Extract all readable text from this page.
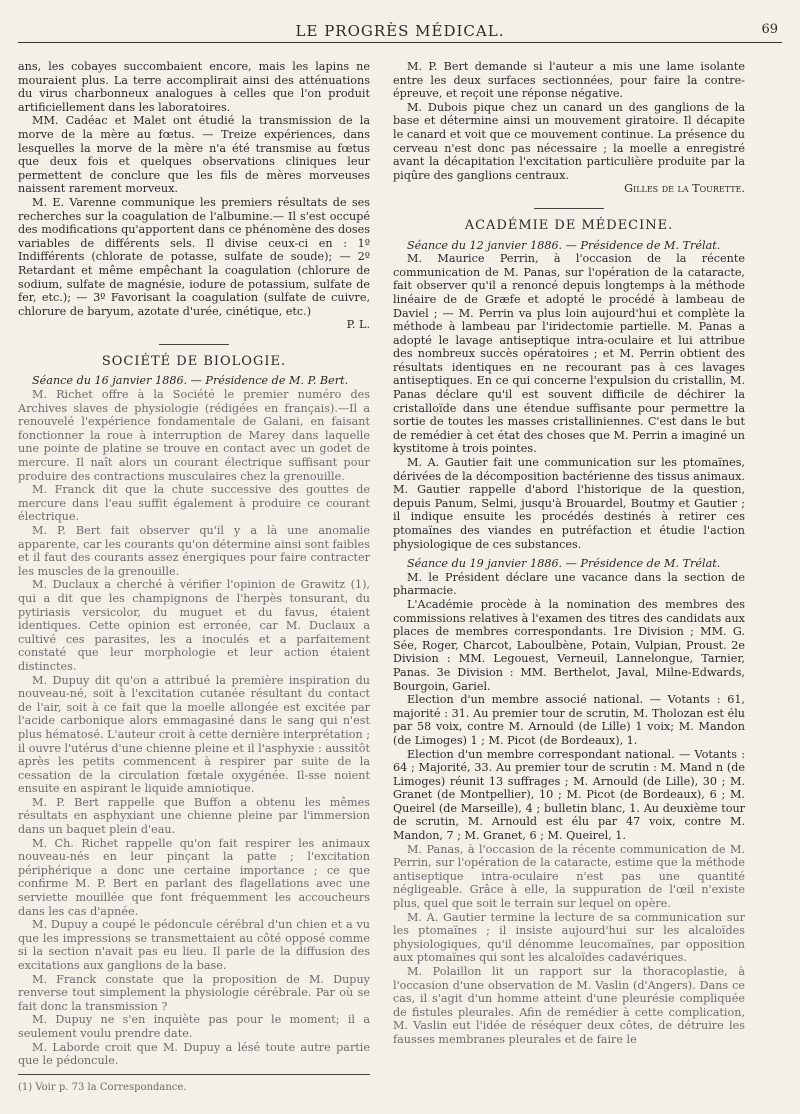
LE PROGRÈS MÉDICAL.	69

ans, les cobayes succombaient encore, mais les lapins ne mouraient plus. La terre accomplirait ainsi des atténuations du virus charbonneux analogues à celles que l'on produit artificiellement dans les laboratoires.

MM. Cadéac et Malet ont étudié la transmission de la morve de la mère au fœtus. — Treize expériences, dans lesquelles la morve de la mère n'a été transmise au fœtus que deux fois et quelques observations cliniques leur permettent de conclure que les fils de mères morveuses naissent rarement morveux.

M. E. Varenne communique les premiers résultats de ses recherches sur la coagulation de l'albumine.— Il s'est occupé des modifications qu'apportent dans ce phénomène des doses variables de différents sels. Il divise ceux-ci en : 1º Indifférents (chlorate de potasse, sulfate de soude); — 2º Retardant et même empêchant la coagulation (chlorure de sodium, sulfate de magnésie, iodure de potassium, sulfate de fer, etc.); — 3º Favorisant la coagulation (sulfate de cuivre, chlorure de baryum, azotate d'urée, cinétique, etc.)

P. L.
SOCIÉTÉ DE BIOLOGIE.
Séance du 16 janvier 1886. — Présidence de M. P. Bert.

M. Richet offre à la Société le premier numéro des Archives slaves de physiologie (rédigées en français).—Il a renouvelé l'expérience fondamentale de Galani, en faisant fonctionner la roue à interruption de Marey dans laquelle une pointe de platine se trouve en contact avec un godet de mercure. Il naît alors un courant électrique suffisant pour produire des contractions musculaires chez la grenouille.

M. Franck dit que la chute successive des gouttes de mercure dans l'eau suffit également à produire ce courant électrique.

M. P. Bert fait observer qu'il y a là une anomalie apparente, car les courants qu'on détermine ainsi sont faibles et il faut des courants assez énergiques pour faire contracter les muscles de la grenouille.

M. Duclaux a cherché à vérifier l'opinion de Grawitz (1), qui a dit que les champignons de l'herpès tonsurant, du pytiriasis versicolor, du muguet et du favus, étaient identiques. Cette opinion est erronée, car M. Duclaux a cultivé ces parasites, les a inoculés et a parfaitement constaté que leur morphologie et leur action étaient distinctes.

M. Dupuy dit qu'on a attribué la première inspiration du nouveau-né, soit à l'excitation cutanée résultant du contact de l'air, soit à ce fait que la moelle allongée est excitée par l'acide carbonique alors emmagasiné dans le sang qui n'est plus hématosé. L'auteur croit à cette dernière interprétation ; il ouvre l'utérus d'une chienne pleine et il l'asphyxie : aussitôt après les petits commencent à respirer par suite de la cessation de la circulation fœtale oxygénée. Il-sse noient ensuite en aspirant le liquide amniotique.

M. P. Bert rappelle que Buffon a obtenu les mêmes résultats en asphyxiant une chienne pleine par l'immersion dans un baquet plein d'eau.

M. Ch. Richet rappelle qu'on fait respirer les animaux nouveau-nés en leur pinçant la patte ; l'excitation périphérique a donc une certaine importance ; ce que confirme M. P. Bert en parlant des flagellations avec une serviette mouillée que font fréquemment les accoucheurs dans les cas d'apnée.

M. Dupuy a coupé le pédoncule cérébral d'un chien et a vu que les impressions se transmettaient au côté opposé comme si la section n'avait pas eu lieu. Il parle de la diffusion des excitations aux ganglions de la base.

M. Franck constate que la proposition de M. Dupuy renverse tout simplement la physiologie cérébrale. Par où se fait donc la transmission ?

M. Dupuy ne s'en inquiète pas pour le moment; il a seulement voulu prendre date.

M. Laborde croit que M. Dupuy a lésé toute autre partie que le pédoncule.

(1) Voir p. 73 la Correspondance.

M. P. Bert demande si l'auteur a mis une lame isolante entre les deux surfaces sectionnées, pour faire la contre-épreuve, et reçoit une réponse négative.

M. Dubois pique chez un canard un des ganglions de la base et détermine ainsi un mouvement giratoire. Il décapite le canard et voit que ce mouvement continue. La présence du cerveau n'est donc pas nécessaire ; la moelle a enregistré avant la décapitation l'excitation particulière produite par la piqûre des ganglions centraux.

Gilles de la Tourette.
ACADÉMIE DE MÉDECINE.
Séance du 12 janvier 1886. — Présidence de M. Trélat.

M. Maurice Perrin, à l'occasion de la récente communication de M. Panas, sur l'opération de la cataracte, fait observer qu'il a renoncé depuis longtemps à la méthode linéaire de de Græfe et adopté le procédé à lambeau de Daviel ; — M. Perrin va plus loin aujourd'hui et complète la méthode à lambeau par l'iridectomie partielle. M. Panas a adopté le lavage antiseptique intra-oculaire et lui attribue des nombreux succès opératoires ; et M. Perrin obtient des résultats identiques en ne recourant pas à ces lavages antiseptiques. En ce qui concerne l'expulsion du cristallin, M. Panas déclare qu'il est souvent difficile de déchirer la cristalloïde dans une étendue suffisante pour permettre la sortie de toutes les masses cristalliniennes. C'est dans le but de remédier à cet état des choses que M. Perrin a imaginé un kystitome à trois pointes.

M. A. Gautier fait une communication sur les ptomaïnes, dérivées de la décomposition bactérienne des tissus animaux. M. Gautier rappelle d'abord l'historique de la question, depuis Panum, Selmi, jusqu'à Brouardel, Boutmy et Gautier ; il indique ensuite les procédés destinés à retirer ces ptomaïnes des viandes en putréfaction et étudie l'action physiologique de ces substances.

Séance du 19 janvier 1886. — Présidence de M. Trélat.

M. le Président déclare une vacance dans la section de pharmacie.

L'Académie procède à la nomination des membres des commissions relatives à l'examen des titres des candidats aux places de membres correspondants. 1re Division ; MM. G. Sée, Roger, Charcot, Laboulbène, Potain, Vulpian, Proust. 2e Division : MM. Legouest, Verneuil, Lannelongue, Tarnier, Panas. 3e Division : MM. Berthelot, Javal, Milne-Edwards, Bourgoin, Gariel.

Election d'un membre associé national. — Votants : 61, majorité : 31. Au premier tour de scrutin, M. Tholozan est élu par 58 voix, contre M. Arnould (de Lille) 1 voix; M. Mandon (de Limoges) 1 ; M. Picot (de Bordeaux), 1.

Election d'un membre correspondant national. — Votants : 64 ; Majorité, 33. Au premier tour de scrutin : M. Mand n (de Limoges) réunit 13 suffrages ; M. Arnould (de Lille), 30 ; M. Granet (de Montpellier), 10 ; M. Picot (de Bordeaux), 6 ; M. Queirel (de Marseille), 4 ; bulletin blanc, 1. Au deuxième tour de scrutin, M. Arnould est élu par 47 voix, contre M. Mandon, 7 ; M. Granet, 6 ; M. Queirel, 1.

M. Panas, à l'occasion de la récente communication de M. Perrin, sur l'opération de la cataracte, estime que la méthode antiseptique intra-oculaire n'est pas une quantité négligeable. Grâce à elle, la suppuration de l'œil n'existe plus, quel que soit le terrain sur lequel on opère.

M. A. Gautier termine la lecture de sa communication sur les ptomaïnes ; il insiste aujourd'hui sur les alcaloïdes physiologiques, qu'il dénomme leucomaïnes, par opposition aux ptomaïnes qui sont les alcaloïdes cadavériques.

M. Polaillon lit un rapport sur la thoracoplastie, à l'occasion d'une observation de M. Vaslin (d'Angers). Dans ce cas, il s'agit d'un homme atteint d'une pleurésie compliquée de fistules pleurales. Afin de remédier à cette complication, M. Vaslin eut l'idée de réséquer deux côtes, de détruire les fausses membranes pleurales et de faire le
